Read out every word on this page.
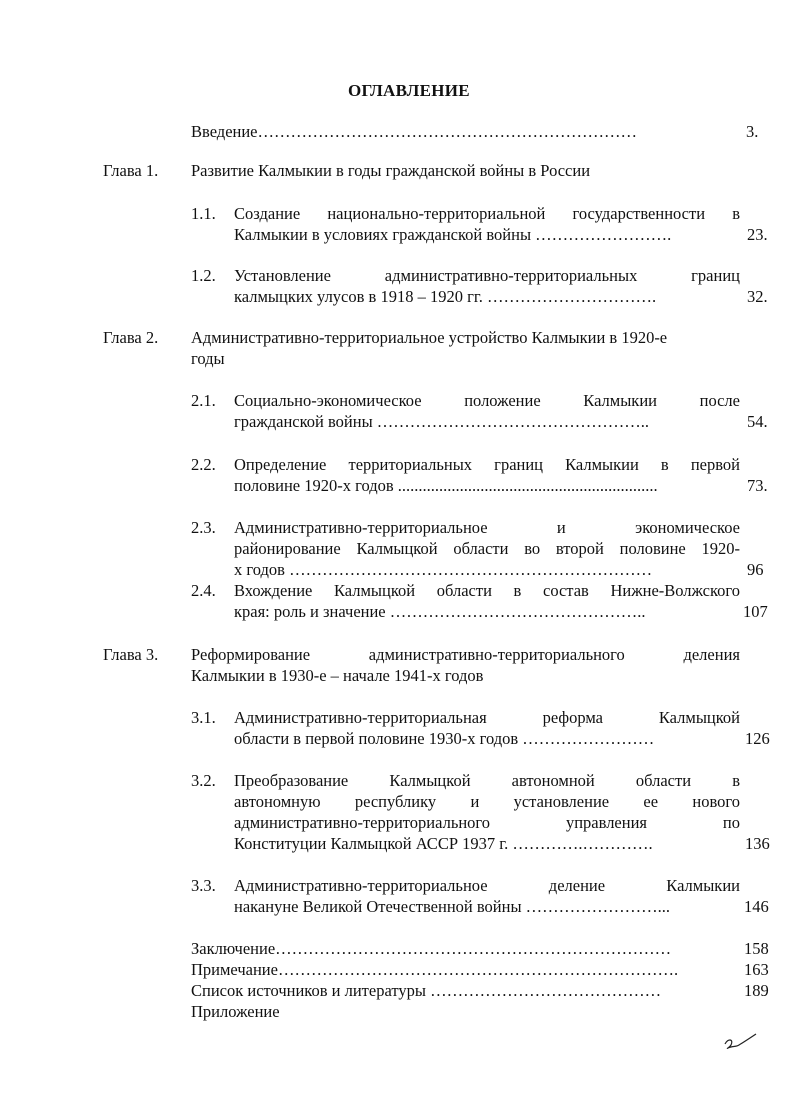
ОГЛАВЛЕНИЕ
Введение……………………………………………………………	3.
Глава 1. Развитие Калмыкии в годы гражданской войны в России
1.1. Создание национально-территориальной государственности в
Калмыкии в условиях гражданской войны …………………….	23.
1.2. Установление административно-территориальных границ
калмыцких улусов в 1918 – 1920 гг. ………………………….	32.
Глава 2. Административно-территориальное устройство Калмыкии в 1920-е
годы
2.1. Социально-экономическое положение Калмыкии после
гражданской войны …………………………………………..	54.
2.2. Определение территориальных границ Калмыкии в первой
половине 1920-х годов ...............................................................	73.
2.3. Административно-территориальное и экономическое
районирование Калмыцкой области во второй половине 1920-
х годов …………………………………………………………	96
2.4. Вхождение Калмыцкой области в состав Нижне-Волжского
края: роль и значение ………………………………………..	107
Глава 3. Реформирование административно-территориального деления
Калмыкии в 1930-е – начале 1941-х годов
3.1. Административно-территориальная реформа Калмыцкой
области в первой половине 1930-х годов ……………………	126
3.2. Преобразование Калмыцкой автономной области в
автономную республику и установление ее нового
административно-территориального управления по
Конституции Калмыцкой АССР 1937 г. ………….………….	136
3.3. Административно-территориальное деление Калмыкии
накануне Великой Отечественной войны ……………………...	146
Заключение………………………………………………………………	158
Примечание……………………………………………………………….	163
Список источников и литературы ……………………………………	189
Приложение
